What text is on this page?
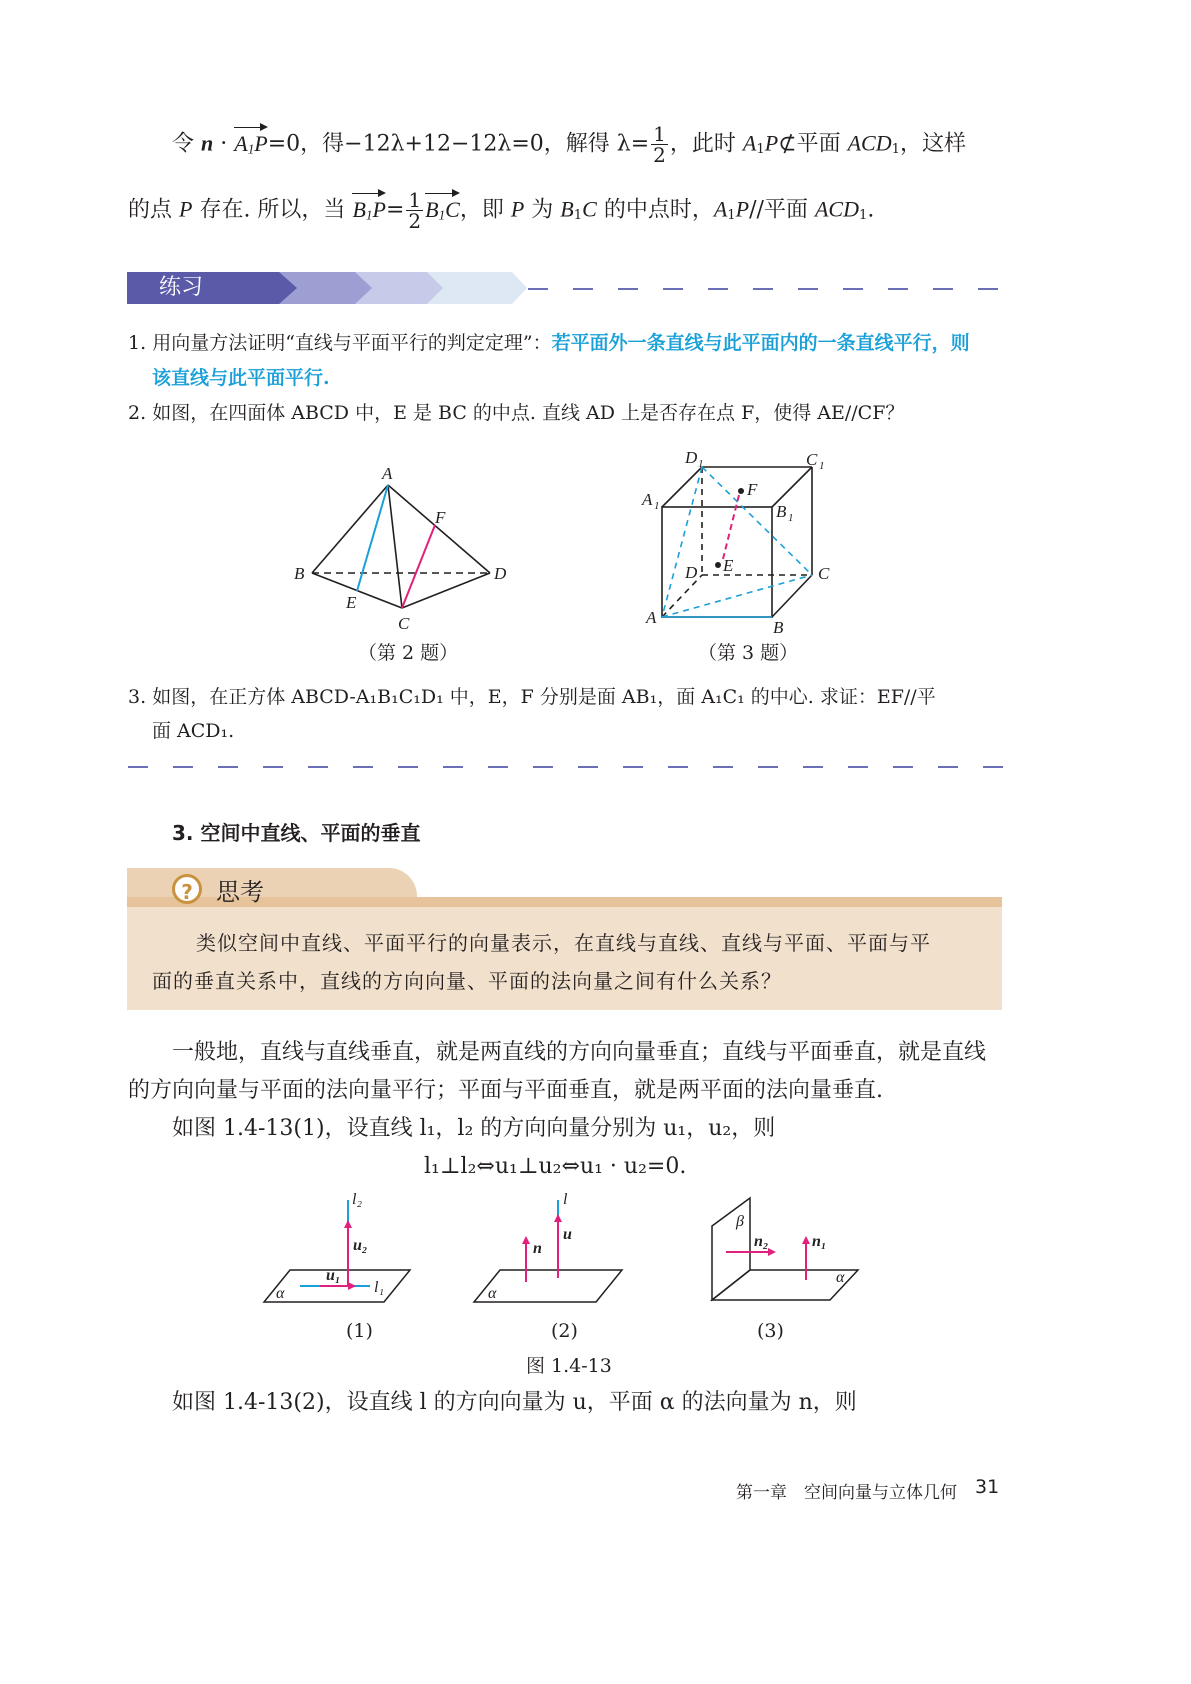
令 $n \cdot A_1P=0$，得−12λ+12−12λ=0，解得 $\lambda= \frac{1}{2}$ ，此时 $A_1P⊄$平面 $ACD_1$，这样
的点 P 存在. 所以，当 $B_1P= \frac{1}{2} B_1C$，即 P 为 $B_1C$ 的中点时，$A_1P//$平面 $ACD_1$.
练习
1. 用向量方法证明“直线与平面平行的判定定理”：若平面外一条直线与此平面内的一条直线平行，则
该直线与此平面平行.
2. 如图，在四面体 ABCD 中，E 是 BC 的中点. 直线 AD 上是否存在点 F，使得 AE//CF？
A
B
C
D
E
F
（第 2 题）
D 1	C 1
A 1	B 1
F
E
D	C
A
B
（第 3 题）
3. 如图，在正方体 ABCD-A₁B₁C₁D₁ 中，E，F 分别是面 AB₁，面 A₁C₁ 的中心. 求证：EF//平
面 ACD₁.
3. 空间中直线、平面的垂直
? 思考
类似空间中直线、平面平行的向量表示，在直线与直线、直线与平面、平面与平
面的垂直关系中，直线的方向向量、平面的法向量之间有什么关系？
一般地，直线与直线垂直，就是两直线的方向向量垂直；直线与平面垂直，就是直线
的方向向量与平面的法向量平行；平面与平面垂直，就是两平面的法向量垂直.
如图 1.4-13(1)，设直线 l₁，l₂ 的方向向量分别为 u₁，u₂，则
l₁⊥l₂⇔u₁⊥u₂⇔u₁ · u₂=0.
l₂
u₂
u₁
l₁
α
l
n
u
α
β
n₂	n₁
α
(1)	(2)	(3)
图 1.4-13
如图 1.4-13(2)，设直线 l 的方向向量为 u，平面 α 的法向量为 n，则
第一章　空间向量与立体几何 31
